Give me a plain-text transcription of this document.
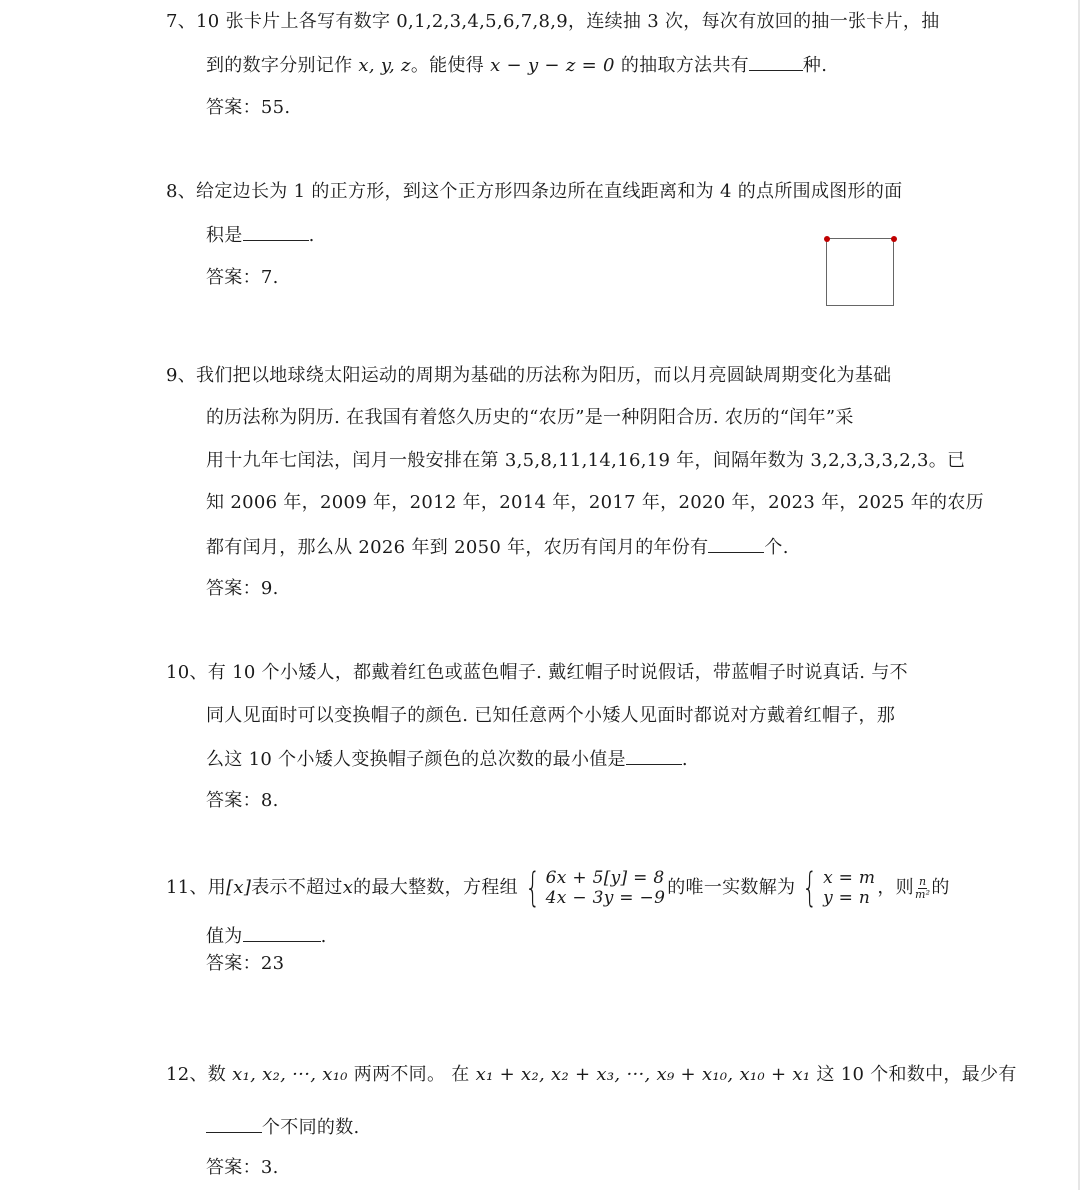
7、10 张卡片上各写有数字 0,1,2,3,4,5,6,7,8,9，连续抽 3 次，每次有放回的抽一张卡片，抽
到的数字分别记作 x, y, z。能使得 x − y − z = 0 的抽取方法共有	种.
答案：55.
8、给定边长为 1 的正方形，到这个正方形四条边所在直线距离和为 4 的点所围成图形的面
积是	.
答案：7.
9、我们把以地球绕太阳运动的周期为基础的历法称为阳历，而以月亮圆缺周期变化为基础
的历法称为阴历. 在我国有着悠久历史的“农历”是一种阴阳合历. 农历的“闰年”采
用十九年七闰法，闰月一般安排在第 3,5,8,11,14,16,19 年，间隔年数为 3,2,3,3,3,2,3。已
知 2006 年，2009 年，2012 年，2014 年，2017 年，2020 年，2023 年，2025 年的农历
都有闰月，那么从 2026 年到 2050 年，农历有闰月的年份有	个.
答案：9.
10、有 10 个小矮人，都戴着红色或蓝色帽子. 戴红帽子时说假话，带蓝帽子时说真话. 与不
同人见面时可以变换帽子的颜色. 已知任意两个小矮人见面时都说对方戴着红帽子，那
么这 10 个小矮人变换帽子颜色的总次数的最小值是	.
答案：8.
11、用[x]表示不超过x的最大整数，方程组 { 6x + 5[y] = 8
4x − 3y = −9 的唯一实数解为 { x = m
y = n ，则 $\frac{n}{\text{m²}}$ 的
值为	.
答案：23
12、数 x₁, x₂, ···, x₁₀ 两两不同。 在 x₁ + x₂, x₂ + x₃, ···, x₉ + x₁₀, x₁₀ + x₁ 这 10 个和数中，最少有
个不同的数.
答案：3.
